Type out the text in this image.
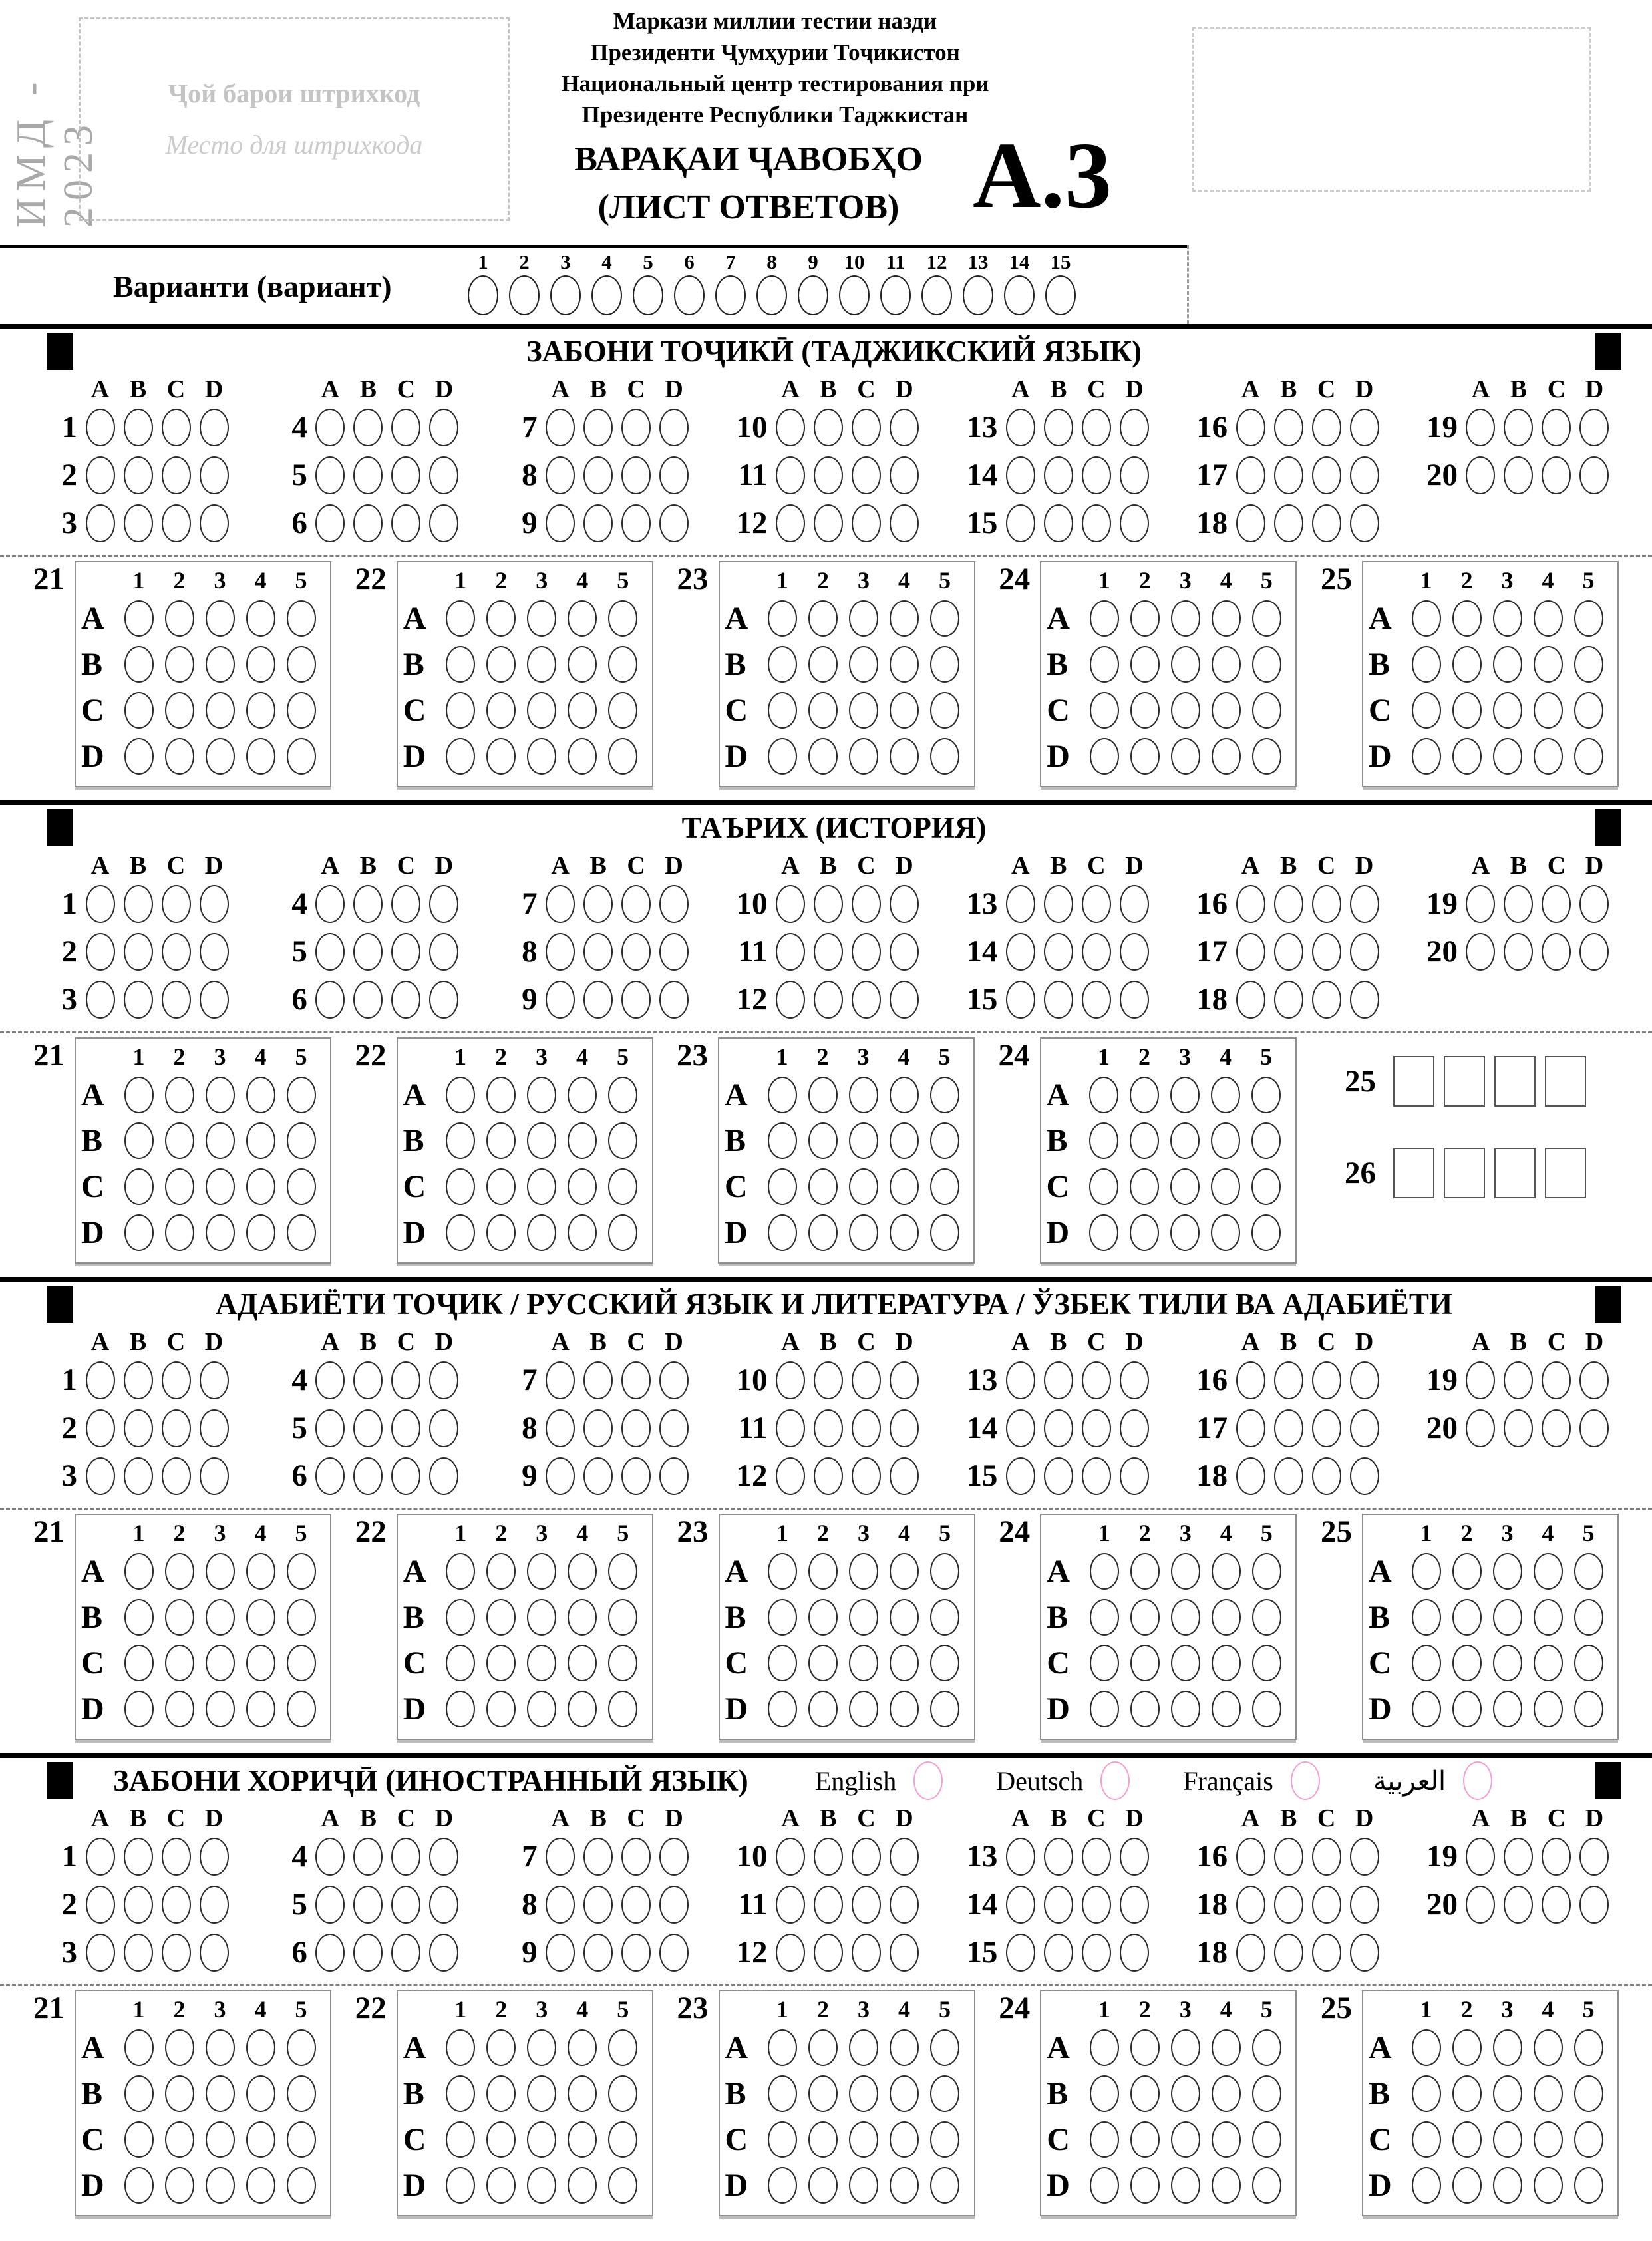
ИМД - 2023
Ҷой барои штрихкод
Место для штрихкода
Маркази миллии тестии назди
Президенти Ҷумҳурии Тоҷикистон
Национальный центр тестирования при
Президенте Республики Таджкистан
ВАРАҚАИ ҶАВОБҲО
(ЛИСТ ОТВЕТОВ) А.3
Варианти (вариант)
1 2 3 4 5 6 7 8 9 10 11 12 13 14 15
ЗАБОНИ ТОҶИКӢ (ТАДЖИКСКИЙ ЯЗЫК)
A B C D
1
2
3
A B C D
4
5
6
A B C D
7
8
9
A B C D
10
11
12
A B C D
13
14
15
A B C D
16
17
18
A B C D
19
20
21	1	2	3	4	5
A
B
C
D
22	1	2	3	4	5
A
B
C
D
23	1	2	3	4	5
A
B
C
D
24	1	2	3	4	5
A
B
C
D
25	1	2	3	4	5
A
B
C
D
ТАЪРИХ (ИСТОРИЯ)
A B C D
1
2
3
A B C D
4
5
6
A B C D
7
8
9
A B C D
10
11
12
A B C D
13
14
15
A B C D
16
17
18
A B C D
19
20
21	1	2	3	4	5
A
B
C
D
22	1	2	3	4	5
A
B
C
D
23	1	2	3	4	5
A
B
C
D
24	1	2	3	4	5
A
B
C
D
25
26
АДАБИЁТИ ТОҶИК / РУССКИЙ ЯЗЫК И ЛИТЕРАТУРА / ЎЗБЕК ТИЛИ ВА АДАБИЁТИ
A B C D
1
2
3
A B C D
4
5
6
A B C D
7
8
9
A B C D
10
11
12
A B C D
13
14
15
A B C D
16
17
18
A B C D
19
20
21	1	2	3	4	5
A
B
C
D
22	1	2	3	4	5
A
B
C
D
23	1	2	3	4	5
A
B
C
D
24	1	2	3	4	5
A
B
C
D
25	1	2	3	4	5
A
B
C
D
ЗАБОНИ ХОРИҶӢ (ИНОСТРАННЫЙ ЯЗЫК)	English	Deutsch	Français	العربية
A B C D
1
2
3
A B C D
4
5
6
A B C D
7
8
9
A B C D
10
11
12
A B C D
13
14
15
A B C D
16
18
18
A B C D
19
20
21	1	2	3	4	5
A
B
C
D
22	1	2	3	4	5
A
B
C
D
23	1	2	3	4	5
A
B
C
D
24	1	2	3	4	5
A
B
C
D
25	1	2	3	4	5
A
B
C
D
